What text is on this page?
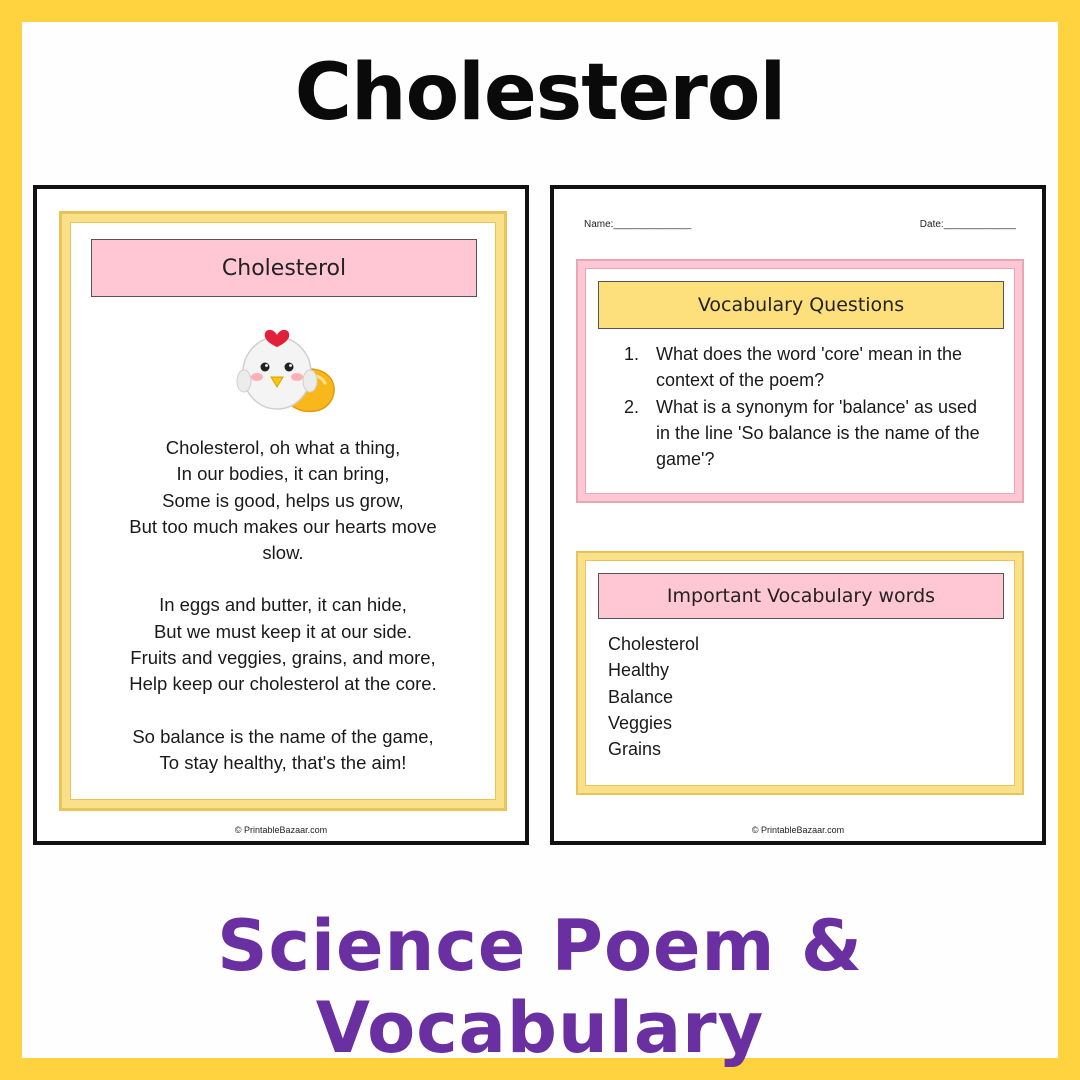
Cholesterol
Cholesterol
Cholesterol, oh what a thing,
In our bodies, it can bring,
Some is good, helps us grow,
But too much makes our hearts move
slow.
In eggs and butter, it can hide,
But we must keep it at our side.
Fruits and veggies, grains, and more,
Help keep our cholesterol at the core.
So balance is the name of the game,
To stay healthy, that's the aim!
© PrintableBazaar.com
Name:______________	Date:_____________
Vocabulary Questions
1. What does the word 'core' mean in the context of the poem?
2. What is a synonym for 'balance' as used in the line 'So balance is the name of the game'?
Important Vocabulary words
Cholesterol
Healthy
Balance
Veggies
Grains
© PrintableBazaar.com
Science Poem & Vocabulary
